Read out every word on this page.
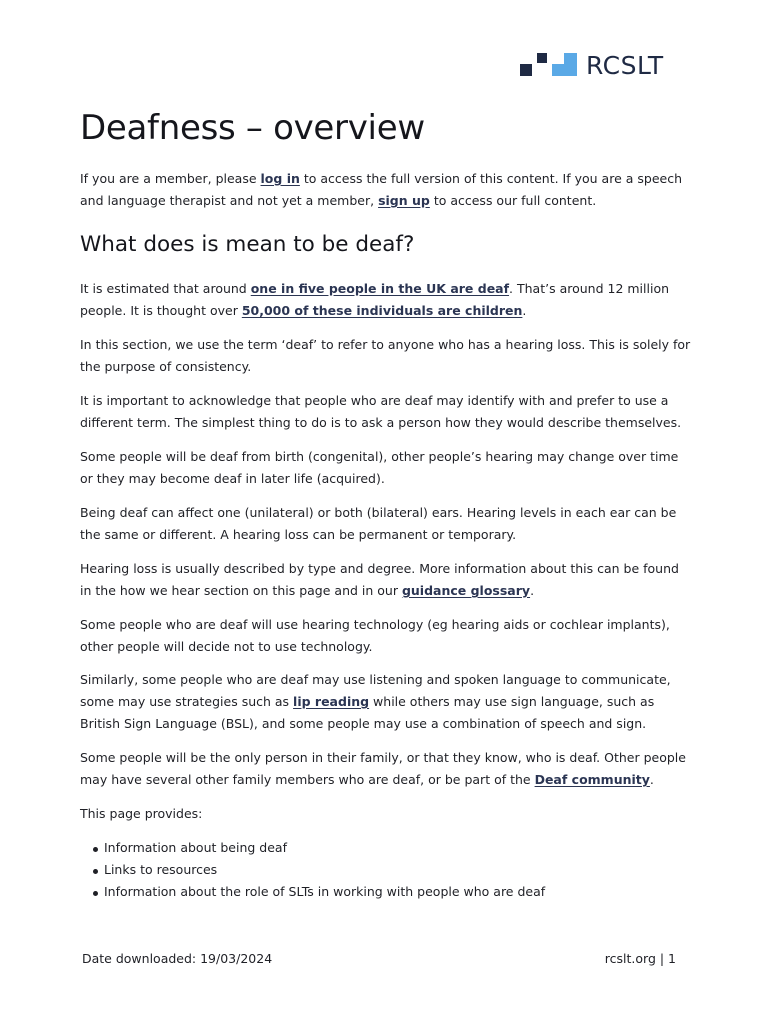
RCSLT
Deafness – overview

If you are a member, please log in to access the full version of this content. If you are a speech and language therapist and not yet a member, sign up to access our full content.

What does is mean to be deaf?

It is estimated that around one in five people in the UK are deaf. That’s around 12 million people. It is thought over 50,000 of these individuals are children.

In this section, we use the term ‘deaf’ to refer to anyone who has a hearing loss. This is solely for the purpose of consistency.

It is important to acknowledge that people who are deaf may identify with and prefer to use a different term. The simplest thing to do is to ask a person how they would describe themselves.

Some people will be deaf from birth (congenital), other people’s hearing may change over time or they may become deaf in later life (acquired).

Being deaf can affect one (unilateral) or both (bilateral) ears. Hearing levels in each ear can be the same or different. A hearing loss can be permanent or temporary.

Hearing loss is usually described by type and degree. More information about this can be found in the how we hear section on this page and in our guidance glossary.

Some people who are deaf will use hearing technology (eg hearing aids or cochlear implants), other people will decide not to use technology.

Similarly, some people who are deaf may use listening and spoken language to communicate, some may use strategies such as lip reading while others may use sign language, such as British Sign Language (BSL), and some people may use a combination of speech and sign.

Some people will be the only person in their family, or that they know, who is deaf. Other people may have several other family members who are deaf, or be part of the Deaf community.

This page provides:

Information about being deaf
Links to resources
Information about the role of SLTs in working with people who are deaf
Date downloaded: 19/03/2024	rcslt.org | 1
